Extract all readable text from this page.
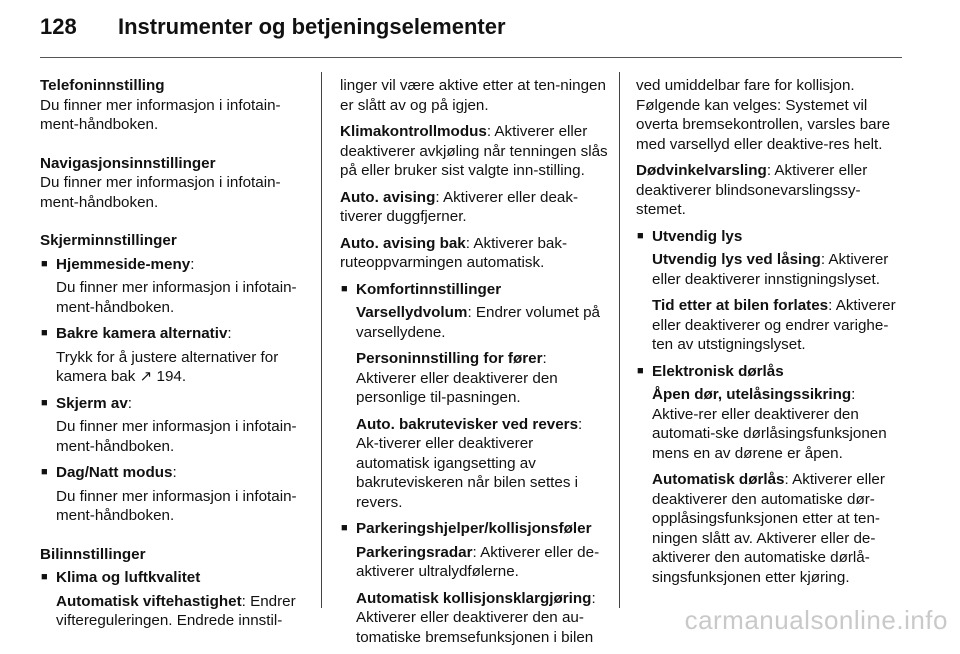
128 Instrumenter og betjeningselementer
Telefoninnstilling
Du finner mer informasjon i infotain-ment-håndboken.
Navigasjonsinnstillinger
Du finner mer informasjon i infotain-ment-håndboken.
Skjerminnstillinger
■ Hjemmeside-meny:
Du finner mer informasjon i infotain-ment-håndboken.
■ Bakre kamera alternativ:
Trykk for å justere alternativer for kamera bak ↗ 194.
■ Skjerm av:
Du finner mer informasjon i infotain-ment-håndboken.
■ Dag/Natt modus:
Du finner mer informasjon i infotain-ment-håndboken.
Bilinnstillinger
■ Klima og luftkvalitet
Automatisk viftehastighet: Endrer viftereguleringen. Endrede innstil-
linger vil være aktive etter at ten-ningen er slått av og på igjen.
Klimakontrollmodus: Aktiverer eller deaktiverer avkjøling når tenningen slås på eller bruker sist valgte inn-stilling.
Auto. avising: Aktiverer eller deak-tiverer duggfjerner.
Auto. avising bak: Aktiverer bak-ruteoppvarmingen automatisk.
■ Komfortinnstillinger
Varsellydvolum: Endrer volumet på varsellydene.
Personinnstilling for fører: Aktiverer eller deaktiverer den personlige til-pasningen.
Auto. bakrutevisker ved revers: Ak-tiverer eller deaktiverer automatisk igangsetting av bakruteviskeren når bilen settes i revers.
■ Parkeringshjelper/kollisjonsføler
Parkeringsradar: Aktiverer eller de-aktiverer ultralydfølerne.
Automatisk kollisjonsklargjøring: Aktiverer eller deaktiverer den au-tomatiske bremsefunksjonen i bilen
ved umiddelbar fare for kollisjon. Følgende kan velges: Systemet vil overta bremsekontrollen, varsles bare med varsellyd eller deaktive-res helt.
Dødvinkelvarsling: Aktiverer eller deaktiverer blindsonevarslingssy-stemet.
■ Utvendig lys
Utvendig lys ved låsing: Aktiverer eller deaktiverer innstigningslyset.
Tid etter at bilen forlates: Aktiverer eller deaktiverer og endrer varighe-ten av utstigningslyset.
■ Elektronisk dørlås
Åpen dør, utelåsingssikring: Aktive-rer eller deaktiverer den automati-ske dørlåsingsfunksjonen mens en av dørene er åpen.
Automatisk dørlås: Aktiverer eller deaktiverer den automatiske dør-opplåsingsfunksjonen etter at ten-ningen slått av. Aktiverer eller de-aktiverer den automatiske dørlå-singsfunksjonen etter kjøring.
carmanualsonline.info
